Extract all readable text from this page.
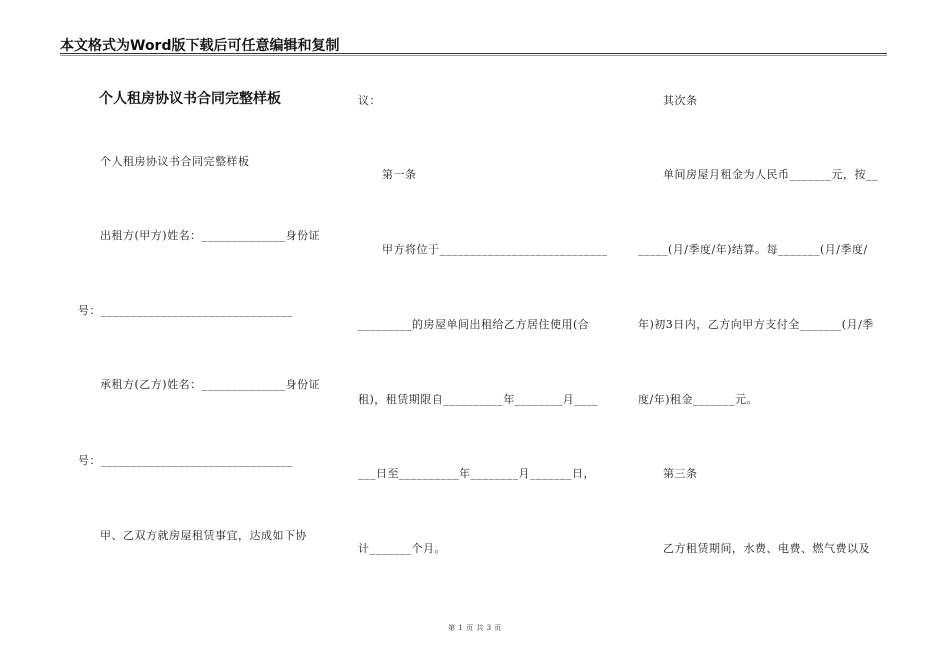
本文格式为Word版下载后可任意编辑和复制
个人租房协议书合同完整样板
个人租房协议书合同完整样板
出租方(甲方)姓名：______________身份证
号：________________________________
承租方(乙方)姓名：______________身份证
号：________________________________
甲、乙双方就房屋租赁事宜，达成如下协
议：
第一条
甲方将位于____________________________
_________的房屋单间出租给乙方居住使用(合
租)，租赁期限自__________年________月____
___日至__________年________月_______日，
计_______个月。
其次条
单间房屋月租金为人民币_______元，按__
_____(月/季度/年)结算。每_______(月/季度/
年)初3日内，乙方向甲方支付全_______(月/季
度/年)租金_______元。
第三条
乙方租赁期间，水费、电费、燃气费以及
第 1 页 共 3 页
